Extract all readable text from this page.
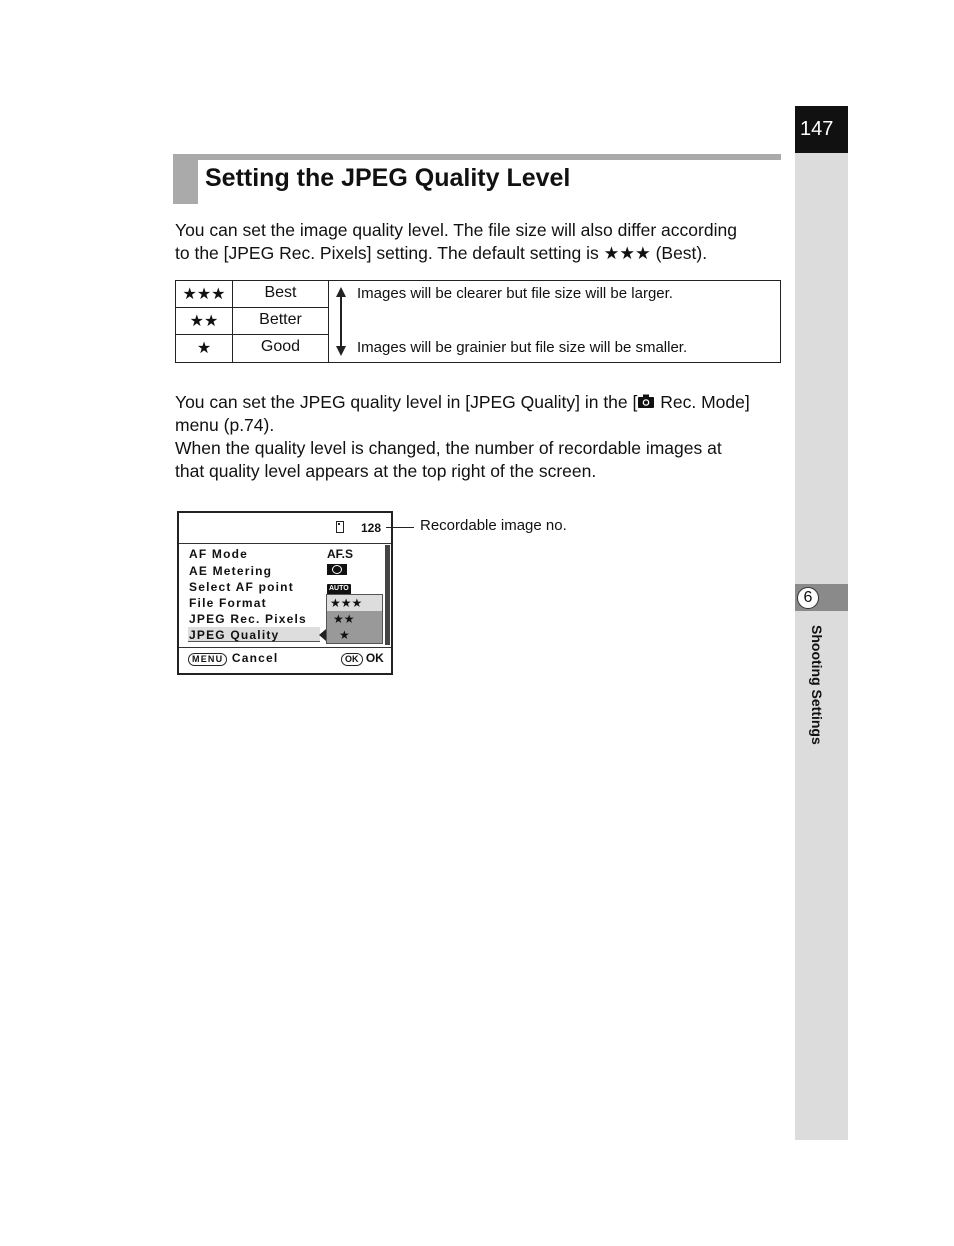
147
6
Shooting Settings
Setting the JPEG Quality Level
You can set the image quality level. The file size will also differ according
to the [JPEG Rec. Pixels] setting. The default setting is ★★★ (Best).
★★★	Best
★★	Better
★	Good
Images will be clearer but file size will be larger.
Images will be grainier but file size will be smaller.
You can set the JPEG quality level in [JPEG Quality] in the [ Rec. Mode]
menu (p.74).
When the quality level is changed, the number of recordable images at
that quality level appears at the top right of the screen.
128
AF Mode	AF.S
AE Metering
Select AF point	AUTO
File Format
JPEG Rec. Pixels
JPEG Quality
★★★
★★
★
MENU Cancel	OK OK
Recordable image no.
